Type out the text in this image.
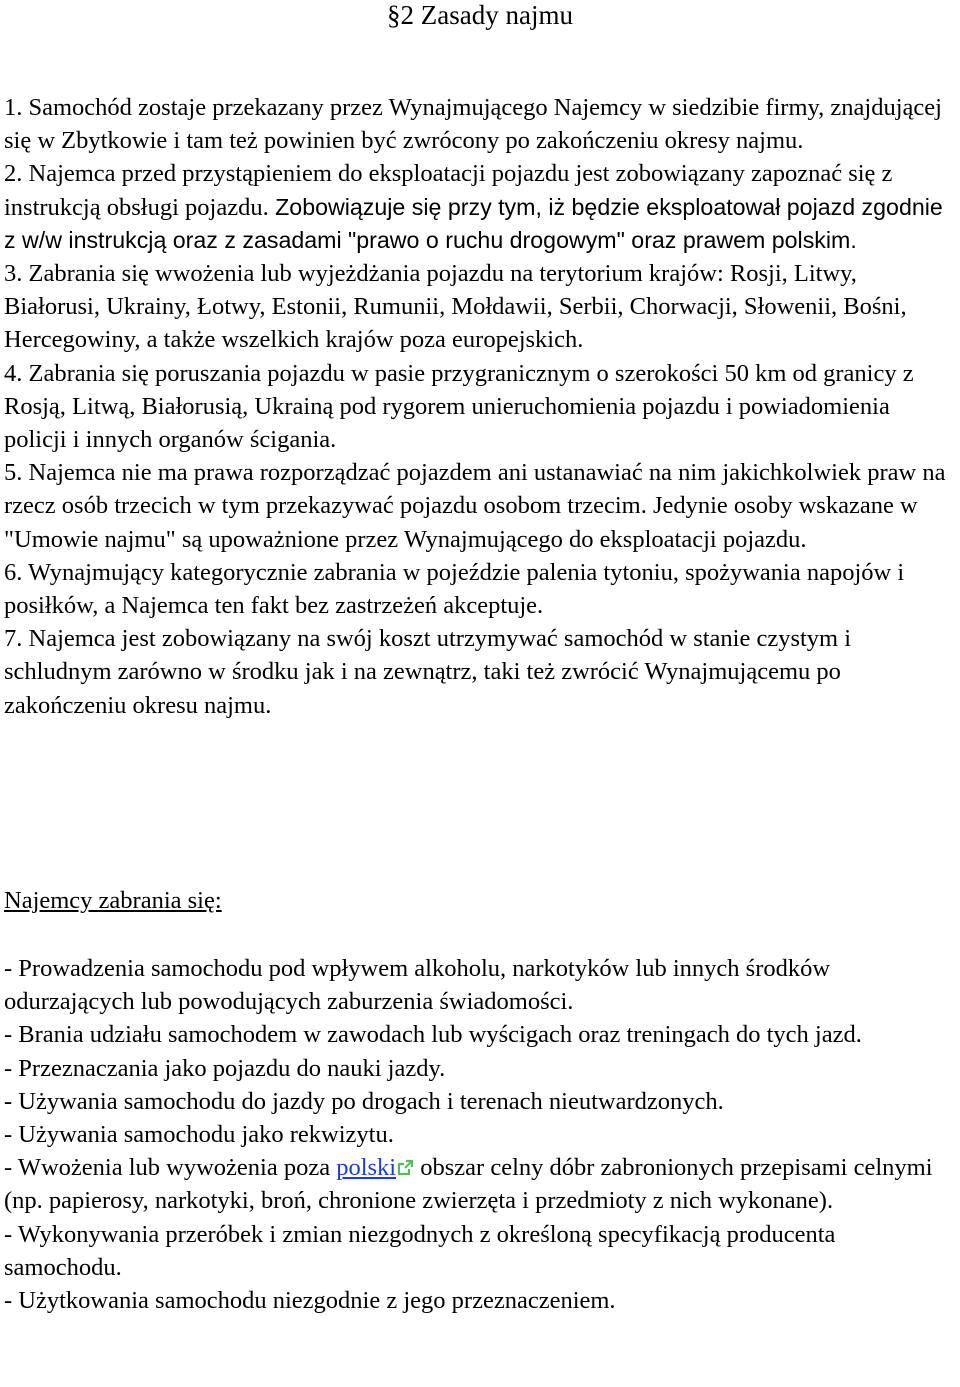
§2 Zasady najmu

1. Samochód zostaje przekazany przez Wynajmującego Najemcy w siedzibie firmy, znajdującej się w Zbytkowie i tam też powinien być zwrócony po zakończeniu okresy najmu.

2. Najemca przed przystąpieniem do eksploatacji pojazdu jest zobowiązany zapoznać się z instrukcją obsługi pojazdu. Zobowiązuje się przy tym, iż będzie eksploatował pojazd zgodnie z w/w instrukcją oraz z zasadami "prawo o ruchu drogowym" oraz prawem polskim.

3. Zabrania się wwożenia lub wyjeżdżania pojazdu na terytorium krajów: Rosji, Litwy, Białorusi, Ukrainy, Łotwy, Estonii, Rumunii, Mołdawii, Serbii, Chorwacji, Słowenii, Bośni, Hercegowiny, a także wszelkich krajów poza europejskich.

4. Zabrania się poruszania pojazdu w pasie przygranicznym o szerokości 50 km od granicy z Rosją, Litwą, Białorusią, Ukrainą pod rygorem unieruchomienia pojazdu i powiadomienia policji i innych organów ścigania.

5. Najemca nie ma prawa rozporządzać pojazdem ani ustanawiać na nim jakichkolwiek praw na rzecz osób trzecich w tym przekazywać pojazdu osobom trzecim. Jedynie osoby wskazane w "Umowie najmu" są upoważnione przez Wynajmującego do eksploatacji pojazdu.

6. Wynajmujący kategorycznie zabrania w pojeździe palenia tytoniu, spożywania napojów i posiłków, a Najemca ten fakt bez zastrzeżeń akceptuje.

7. Najemca jest zobowiązany na swój koszt utrzymywać samochód w stanie czystym i schludnym zarówno w środku jak i na zewnątrz, taki też zwrócić Wynajmującemu po zakończeniu okresu najmu.

Najemcy zabrania się:

- Prowadzenia samochodu pod wpływem alkoholu, narkotyków lub innych środków odurzających lub powodujących zaburzenia świadomości.

- Brania udziału samochodem w zawodach lub wyścigach oraz treningach do tych jazd.

- Przeznaczania jako pojazdu do nauki jazdy.

- Używania samochodu do jazdy po drogach i terenach nieutwardzonych.

- Używania samochodu jako rekwizytu.

- Wwożenia lub wywożenia poza polski obszar celny dóbr zabronionych przepisami celnymi (np. papierosy, narkotyki, broń, chronione zwierzęta i przedmioty z nich wykonane).

- Wykonywania przeróbek i zmian niezgodnych z określoną specyfikacją producenta samochodu.

- Użytkowania samochodu niezgodnie z jego przeznaczeniem.
